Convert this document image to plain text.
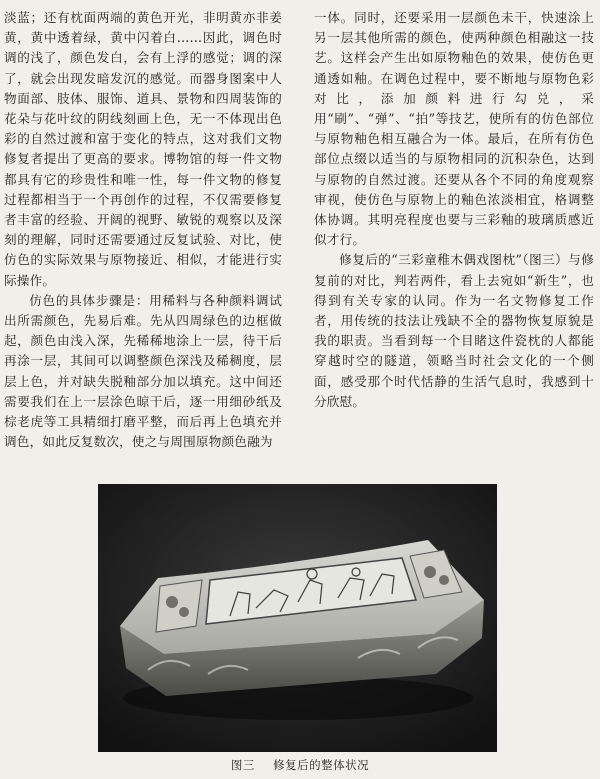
淡蓝；还有枕面两端的黄色开光，非明黄亦非姜黄，黄中透着绿，黄中闪着白……因此，调色时调的浅了，颜色发白，会有上浮的感觉；调的深了，就会出现发暗发沉的感觉。而器身图案中人物面部、肢体、服饰、道具、景物和四周装饰的花朵与花叶纹的阴线刻画上色，无一不体现出色彩的自然过渡和富于变化的特点，这对我们文物修复者提出了更高的要求。博物馆的每一件文物都具有它的珍贵性和唯一性，每一件文物的修复过程都相当于一个再创作的过程，不仅需要修复者丰富的经验、开阔的视野、敏锐的观察以及深刻的理解，同时还需要通过反复试验、对比，使仿色的实际效果与原物接近、相似，才能进行实际操作。

仿色的具体步骤是：用稀料与各种颜料调试出所需颜色，先易后难。先从四周绿色的边框做起，颜色由浅入深，先稀稀地涂上一层，待干后再涂一层，其间可以调整颜色深浅及稀稠度，层层上色，并对缺失脱釉部分加以填充。这中间还需要我们在上一层涂色晾干后，逐一用细砂纸及棕老虎等工具精细打磨平整，而后再上色填充并调色，如此反复数次，使之与周围原物颜色融为

一体。同时，还要采用一层颜色未干，快速涂上另一层其他所需的颜色，使两种颜色相融这一技艺。这样会产生出如原物釉色的效果，使仿色更通透如釉。在调色过程中，要不断地与原物色彩对比，添加颜料进行勾兑，采用“刷”、“弹”、“拍”等技艺，使所有的仿色部位与原物釉色相互融合为一体。最后，在所有仿色部位点缀以适当的与原物相同的沉积杂色，达到与原物的自然过渡。还要从各个不同的角度观察审视，使仿色与原物上的釉色浓淡相宜，格调整体协调。其明亮程度也要与三彩釉的玻璃质感近似才行。

修复后的“三彩童稚木偶戏图枕”（图三）与修复前的对比，判若两件，看上去宛如“新生”，也得到有关专家的认同。作为一名文物修复工作者，用传统的技法让残缺不全的器物恢复原貌是我的职责。当看到每一个目睹这件瓷枕的人都能穿越时空的隧道，领略当时社会文化的一个侧面，感受那个时代恬静的生活气息时，我感到十分欣慰。

图三 修复后的整体状况
